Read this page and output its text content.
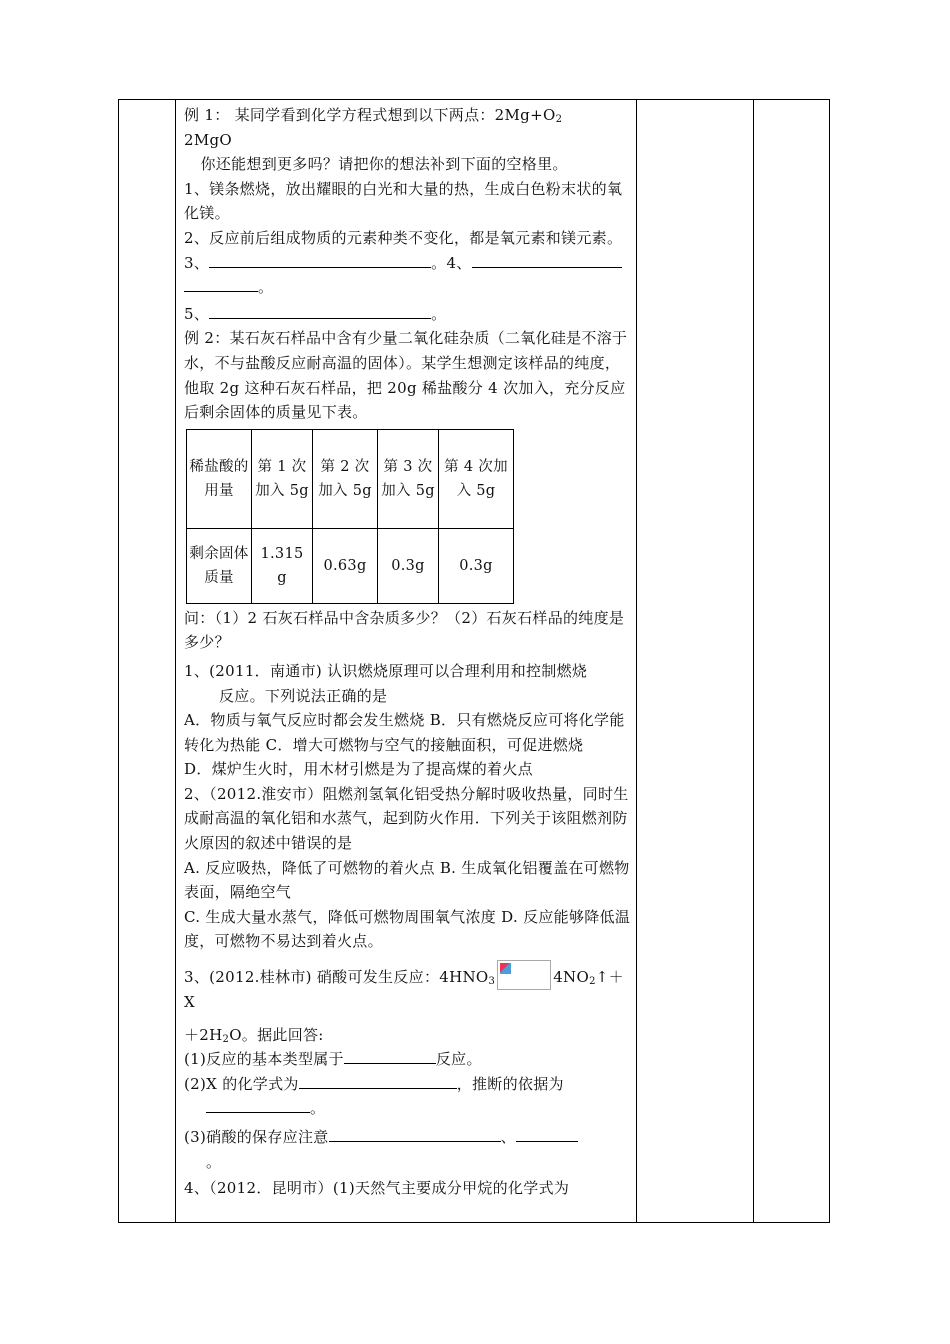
例 1： 某同学看到化学方程式想到以下两点：$2Mg+O_2$

2MgO

你还能想到更多吗？请把你的想法补到下面的空格里。

1、镁条燃烧，放出耀眼的白光和大量的热，生成白色粉末状的氧化镁。

2、反应前后组成物质的元素种类不变化，都是氧元素和镁元素。

3、	。4、
。

5、	。

例 2：某石灰石样品中含有少量二氧化硅杂质（二氧化硅是不溶于水，不与盐酸反应耐高温的固体）。某学生想测定该样品的纯度，他取 2g 这种石灰石样品，把 20g 稀盐酸分 4 次加入，充分反应后剩余固体的质量见下表。

稀盐酸的用量	第 1 次加入 5g	第 2 次加入 5g	第 3 次加入 5g	第 4 次加入 5g
剩余固体质量	1.315 g	0.63g	0.3g	0.3g

问：（1）2 石灰石样品中含杂质多少？（2）石灰石样品的纯度是多少？

1、(2011．南通市) 认识燃烧原理可以合理利用和控制燃烧

反应。下列说法正确的是

A．物质与氧气反应时都会发生燃烧 B．只有燃烧反应可将化学能转化为热能 C．增大可燃物与空气的接触面积，可促进燃烧

D．煤炉生火时，用木材引燃是为了提高煤的着火点

2、（2012.淮安市）阻燃剂氢氧化铝受热分解时吸收热量，同时生成耐高温的氧化铝和水蒸气，起到防火作用．下列关于该阻燃剂防火原因的叙述中错误的是

A. 反应吸热，降低了可燃物的着火点 B. 生成氧化铝覆盖在可燃物表面，隔绝空气

C. 生成大量水蒸气，降低可燃物周围氧气浓度 D. 反应能够降低温度，可燃物不易达到着火点。

3、(2012.桂林市) 硝酸可发生反应：$4HNO_3$	$4NO_2↑+X$

$+2H_2O$。据此回答:

(1)反应的基本类型属于	反应。

(2)X 的化学式为	，推断的依据为
。

(3)硝酸的保存应注意	、
。

4、（2012．昆明市）(1)天然气主要成分甲烷的化学式为
